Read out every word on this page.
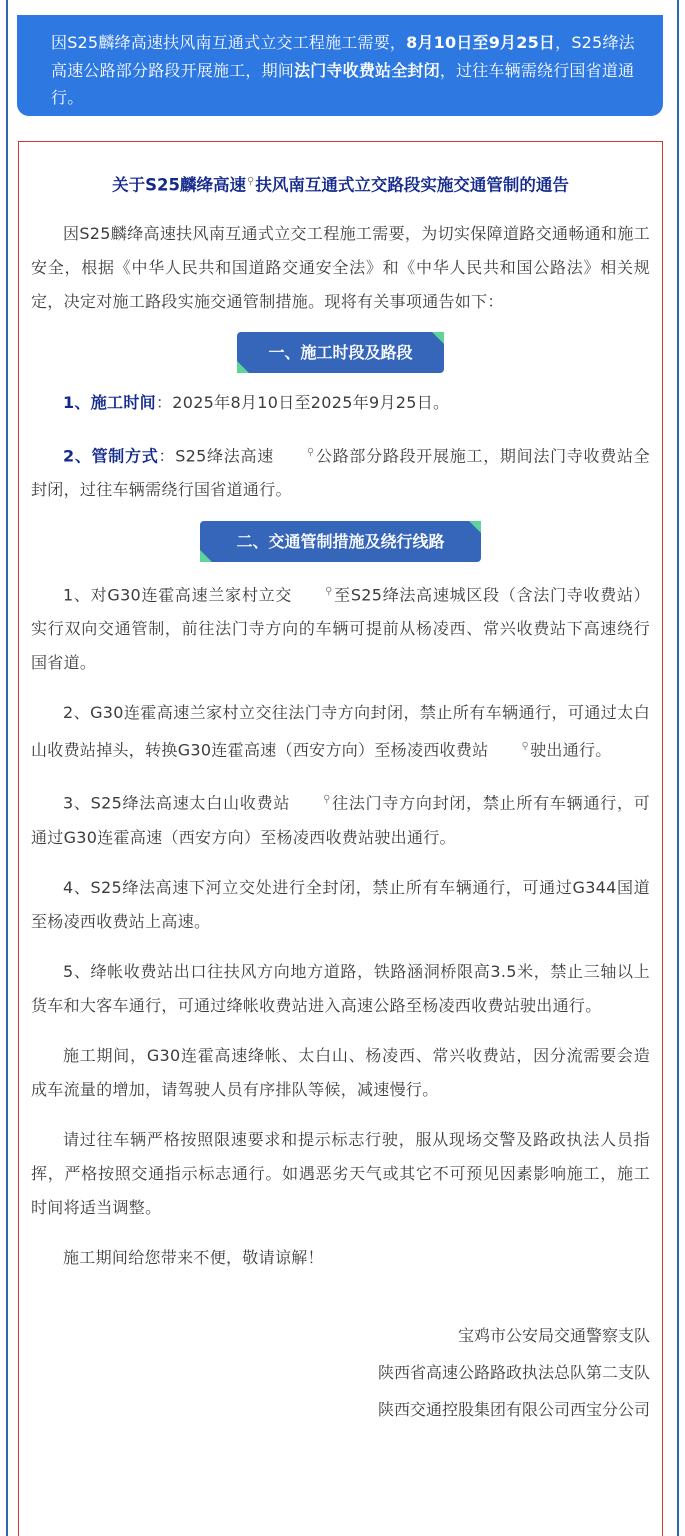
因S25麟绛高速扶风南互通式立交工程施工需要，8月10日至9月25日，S25绛法高速公路部分路段开展施工，期间法门寺收费站全封闭，过往车辆需绕行国省道通行。
关于S25麟绛高速⚲扶风南互通式立交路段实施交通管制的通告

因S25麟绛高速扶风南互通式立交工程施工需要，为切实保障道路交通畅通和施工安全，根据《中华人民共和国道路交通安全法》和《中华人民共和国公路法》相关规定，决定对施工路段实施交通管制措施。现将有关事项通告如下：

一、施工时段及路段

1、施工时间：2025年8月10日至2025年9月25日。

2、管制方式：S25绛法高速	⚲公路部分路段开展施工，期间法门寺收费站全封闭，过往车辆需绕行国省道通行。

二、交通管制措施及绕行线路

1、对G30连霍高速兰家村立交	⚲至S25绛法高速城区段（含法门寺收费站）实行双向交通管制，前往法门寺方向的车辆可提前从杨凌西、常兴收费站下高速绕行国省道。

2、G30连霍高速兰家村立交往法门寺方向封闭，禁止所有车辆通行，可通过太白山收费站掉头，转换G30连霍高速（西安方向）至杨凌西收费站	⚲驶出通行。

3、S25绛法高速太白山收费站	⚲往法门寺方向封闭，禁止所有车辆通行，可通过G30连霍高速（西安方向）至杨凌西收费站驶出通行。

4、S25绛法高速下河立交处进行全封闭，禁止所有车辆通行，可通过G344国道至杨凌西收费站上高速。

5、绛帐收费站出口往扶风方向地方道路，铁路涵洞桥限高3.5米，禁止三轴以上货车和大客车通行，可通过绛帐收费站进入高速公路至杨凌西收费站驶出通行。

施工期间，G30连霍高速绛帐、太白山、杨凌西、常兴收费站，因分流需要会造成车流量的增加，请驾驶人员有序排队等候，减速慢行。

请过往车辆严格按照限速要求和提示标志行驶，服从现场交警及路政执法人员指挥，严格按照交通指示标志通行。如遇恶劣天气或其它不可预见因素影响施工，施工时间将适当调整。

施工期间给您带来不便，敬请谅解！

宝鸡市公安局交通警察支队
陕西省高速公路路政执法总队第二支队
陕西交通控股集团有限公司西宝分公司
